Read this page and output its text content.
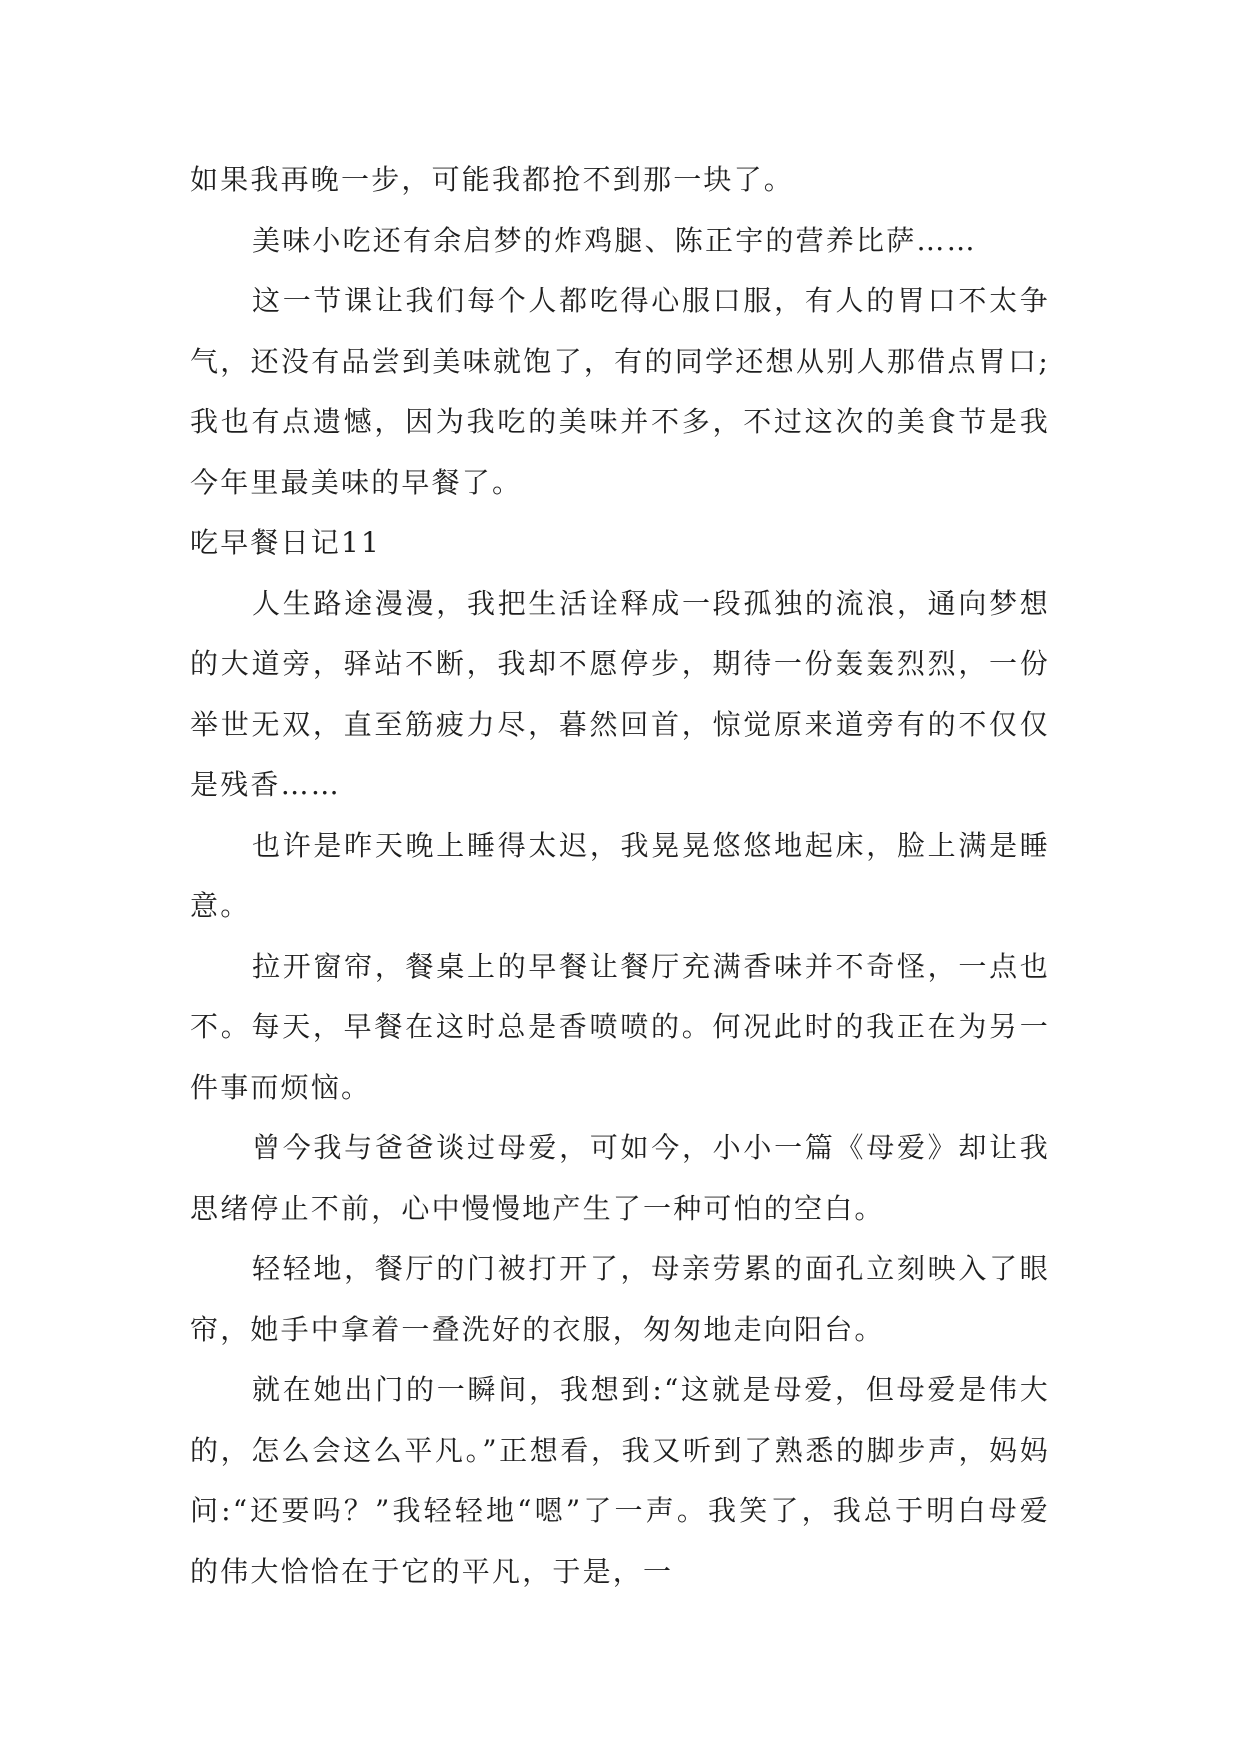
如果我再晚一步，可能我都抢不到那一块了。

美味小吃还有余启梦的炸鸡腿、陈正宇的营养比萨……

这一节课让我们每个人都吃得心服口服，有人的胃口不太争气，还没有品尝到美味就饱了，有的同学还想从别人那借点胃口;我也有点遗憾，因为我吃的美味并不多，不过这次的美食节是我今年里最美味的早餐了。

吃早餐日记11

人生路途漫漫，我把生活诠释成一段孤独的流浪，通向梦想的大道旁，驿站不断，我却不愿停步，期待一份轰轰烈烈，一份举世无双，直至筋疲力尽，暮然回首，惊觉原来道旁有的不仅仅是残香……

也许是昨天晚上睡得太迟，我晃晃悠悠地起床，脸上满是睡意。

拉开窗帘，餐桌上的早餐让餐厅充满香味并不奇怪，一点也不。每天，早餐在这时总是香喷喷的。何况此时的我正在为另一件事而烦恼。

曾今我与爸爸谈过母爱，可如今，小小一篇《母爱》却让我思绪停止不前，心中慢慢地产生了一种可怕的空白。

轻轻地，餐厅的门被打开了，母亲劳累的面孔立刻映入了眼帘，她手中拿着一叠洗好的衣服，匆匆地走向阳台。

就在她出门的一瞬间，我想到:“这就是母爱，但母爱是伟大的，怎么会这么平凡。”正想看，我又听到了熟悉的脚步声，妈妈问:“还要吗？”我轻轻地“嗯”了一声。我笑了，我总于明白母爱的伟大恰恰在于它的平凡，于是，一
